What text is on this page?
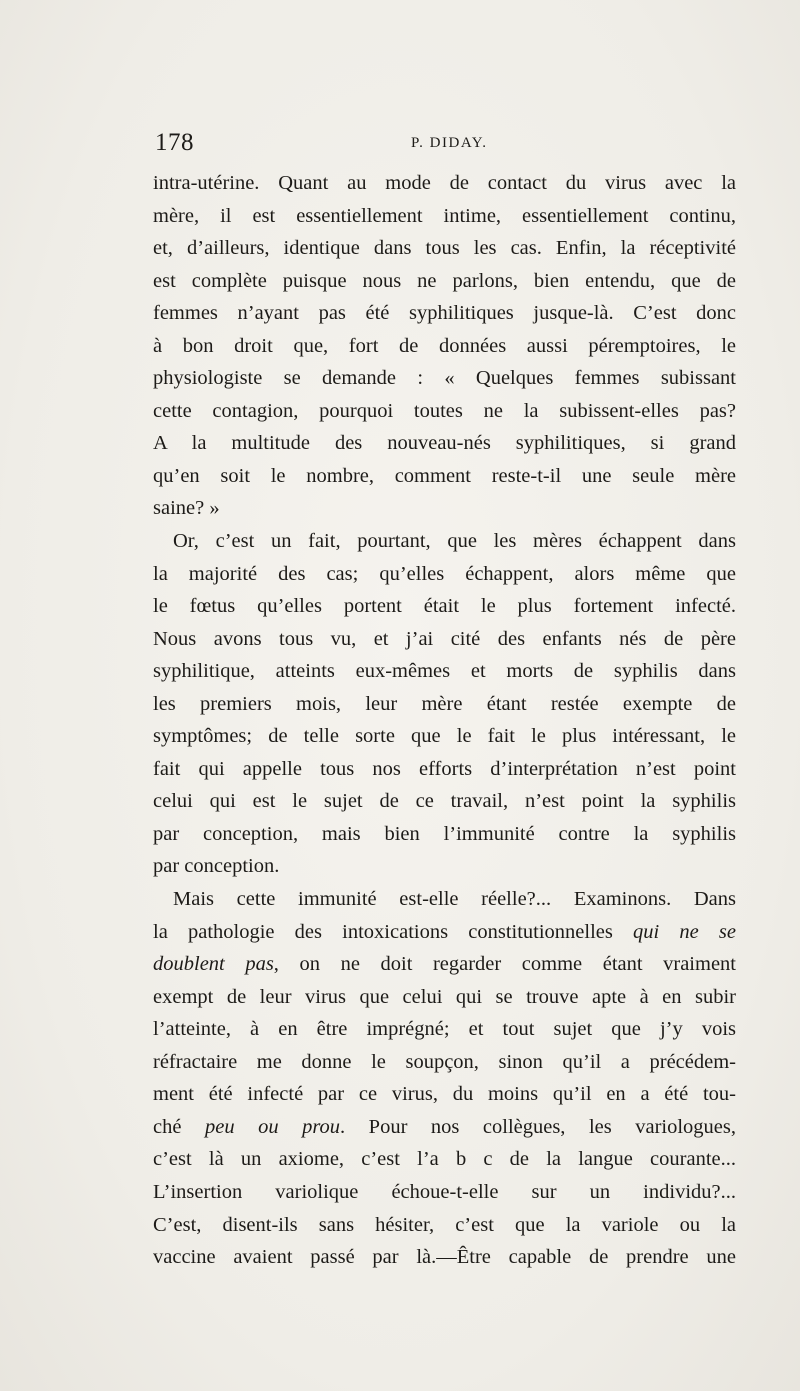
178	P. DIDAY.
intra-utérine. Quant au mode de contact du virus avec la
mère, il est essentiellement intime, essentiellement continu,
et, d’ailleurs, identique dans tous les cas. Enfin, la réceptivité
est complète puisque nous ne parlons, bien entendu, que de
femmes n’ayant pas été syphilitiques jusque-là. C’est donc
à bon droit que, fort de données aussi péremptoires, le
physiologiste se demande : « Quelques femmes subissant
cette contagion, pourquoi toutes ne la subissent-elles pas?
A la multitude des nouveau-nés syphilitiques, si grand
qu’en soit le nombre, comment reste-t-il une seule mère
saine? »
Or, c’est un fait, pourtant, que les mères échappent dans
la majorité des cas; qu’elles échappent, alors même que
le fœtus qu’elles portent était le plus fortement infecté.
Nous avons tous vu, et j’ai cité des enfants nés de père
syphilitique, atteints eux-mêmes et morts de syphilis dans
les premiers mois, leur mère étant restée exempte de
symptômes; de telle sorte que le fait le plus intéressant, le
fait qui appelle tous nos efforts d’interprétation n’est point
celui qui est le sujet de ce travail, n’est point la syphilis
par conception, mais bien l’immunité contre la syphilis
par conception.
Mais cette immunité est-elle réelle?... Examinons. Dans
la pathologie des intoxications constitutionnelles qui ne se
doublent pas, on ne doit regarder comme étant vraiment
exempt de leur virus que celui qui se trouve apte à en subir
l’atteinte, à en être imprégné; et tout sujet que j’y vois
réfractaire me donne le soupçon, sinon qu’il a précédem-
ment été infecté par ce virus, du moins qu’il en a été tou-
ché peu ou prou. Pour nos collègues, les variologues,
c’est là un axiome, c’est l’a b c de la langue courante...
L’insertion variolique échoue-t-elle sur un individu?...
C’est, disent-ils sans hésiter, c’est que la variole ou la
vaccine avaient passé par là.—Être capable de prendre une
